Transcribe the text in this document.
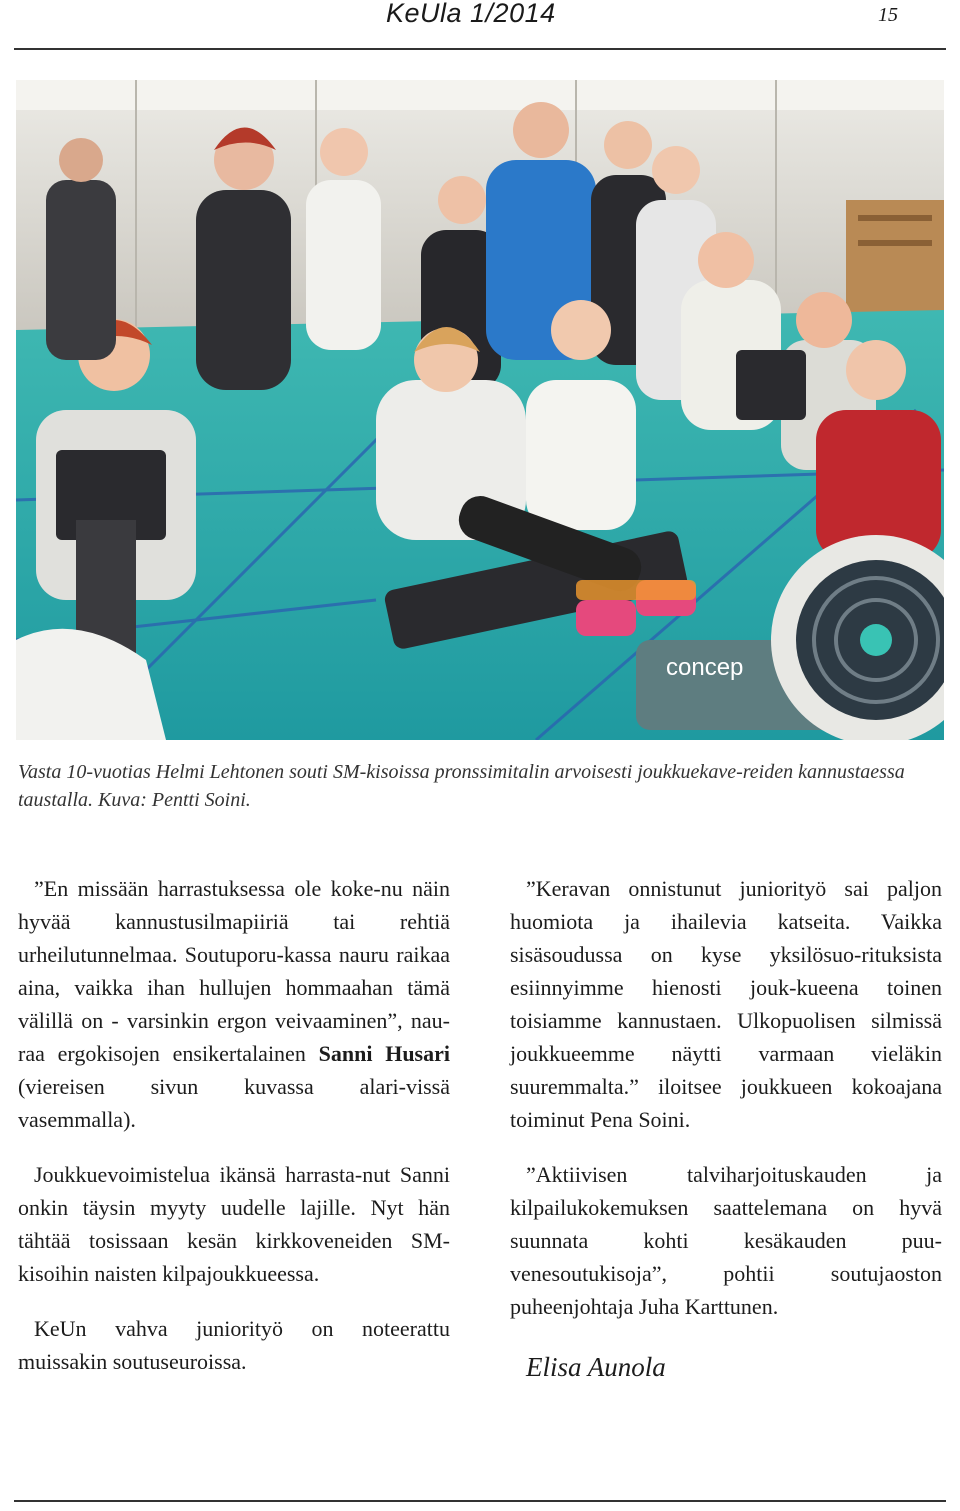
KeUla 1/2014	15
concep
Vasta 10-vuotias Helmi Lehtonen souti SM-kisoissa pronssimitalin arvoisesti joukkuekave-reiden kannustaessa taustalla. Kuva: Pentti Soini.

”En missään harrastuksessa ole koke-nu näin hyvää kannustusilmapiiriä tai rehtiä urheilutunnelmaa. Soutuporu-kassa nauru raikaa aina, vaikka ihan hullujen hommaahan tämä välillä on - varsinkin ergon veivaaminen”, nau-raa ergokisojen ensikertalainen Sanni Husari (viereisen sivun kuvassa alari-vissä vasemmalla).

Joukkuevoimistelua ikänsä harrasta-nut Sanni onkin täysin myyty uudelle lajille. Nyt hän tähtää tosissaan kesän kirkkoveneiden SM-kisoihin naisten kilpajoukkueessa.

KeUn vahva juniorityö on noteerattu muissakin soutuseuroissa.

”Keravan onnistunut juniorityö sai paljon huomiota ja ihailevia katseita. Vaikka sisäsoudussa on kyse yksilösuo-rituksista esiinnyimme hienosti jouk-kueena toinen toisiamme kannustaen. Ulkopuolisen silmissä joukkueemme näytti varmaan vieläkin suuremmalta.” iloitsee joukkueen kokoajana toiminut Pena Soini.

”Aktiivisen talviharjoituskauden ja kilpailukokemuksen saattelemana on hyvä suunnata kohti kesäkauden puu-venesoutukisoja”, pohtii soutujaoston puheenjohtaja Juha Karttunen.

Elisa Aunola
